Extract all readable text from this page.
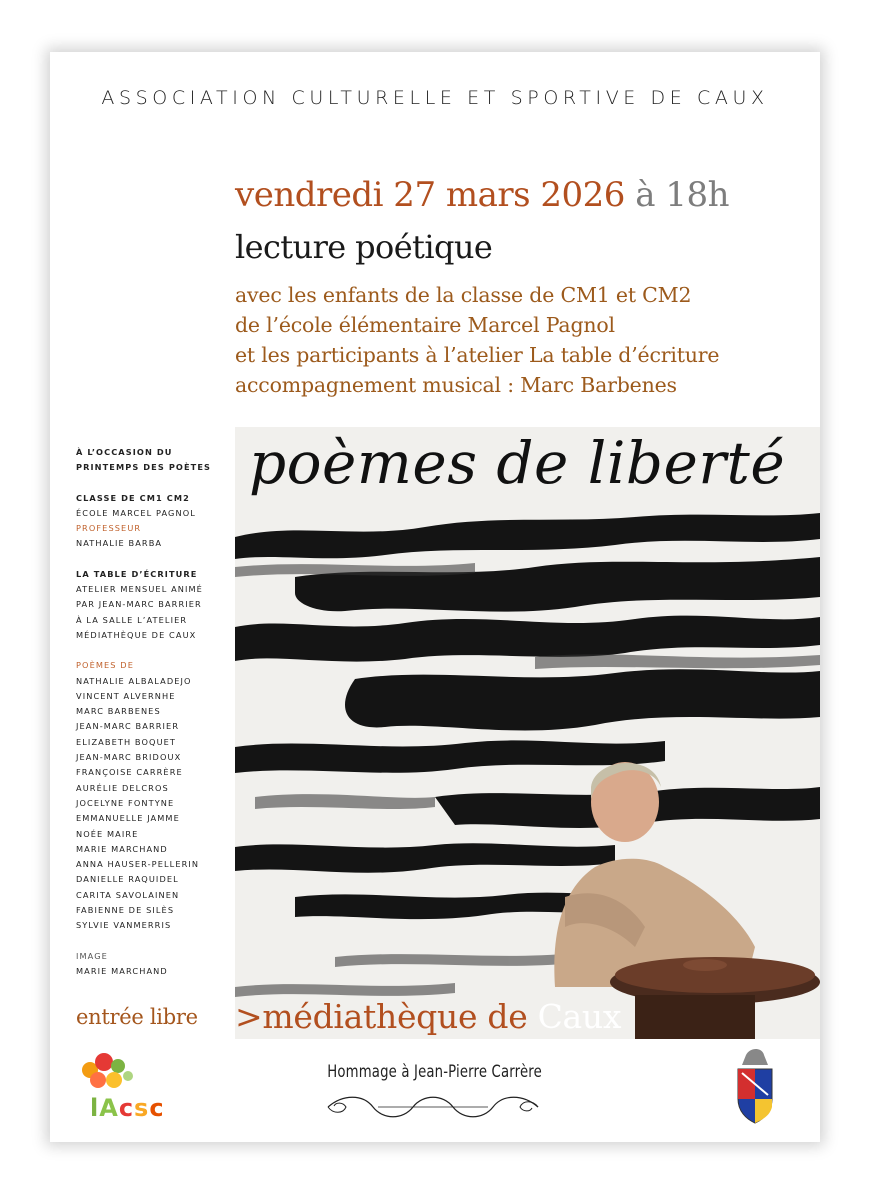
ASSOCIATION CULTURELLE ET SPORTIVE DE CAUX
vendredi 27 mars 2026 à 18h
lecture poétique
avec les enfants de la classe de CM1 et CM2
de l’école élémentaire Marcel Pagnol
et les participants à l’atelier La table d’écriture
accompagnement musical : Marc Barbenes
À L’OCCASION DU
PRINTEMPS DES POÈTES
CLASSE DE CM1 CM2
ÉCOLE MARCEL PAGNOL
PROFESSEUR
NATHALIE BARBA
LA TABLE D’ÉCRITURE
ATELIER MENSUEL ANIMÉ
PAR JEAN-MARC BARRIER
À LA SALLE L’ATELIER
MÉDIATHÈQUE DE CAUX
POÈMES DE
NATHALIE ALBALADEJO
VINCENT ALVERNHE
MARC BARBENES
JEAN-MARC BARRIER
ELIZABETH BOQUET
JEAN-MARC BRIDOUX
FRANÇOISE CARRÈRE
AURÉLIE DELCROS
JOCELYNE FONTYNE
EMMANUELLE JAMME
NOÉE MAIRE
MARIE MARCHAND
ANNA HAUSER-PELLERIN
DANIELLE RAQUIDEL
CARITA SAVOLAINEN
FABIENNE DE SILÈS
SYLVIE VANMERRIS
IMAGE
MARIE MARCHAND
entrée libre
poèmes de liberté
>médiathèque de Caux
Hommage à Jean-Pierre Carrère
lAcsc
